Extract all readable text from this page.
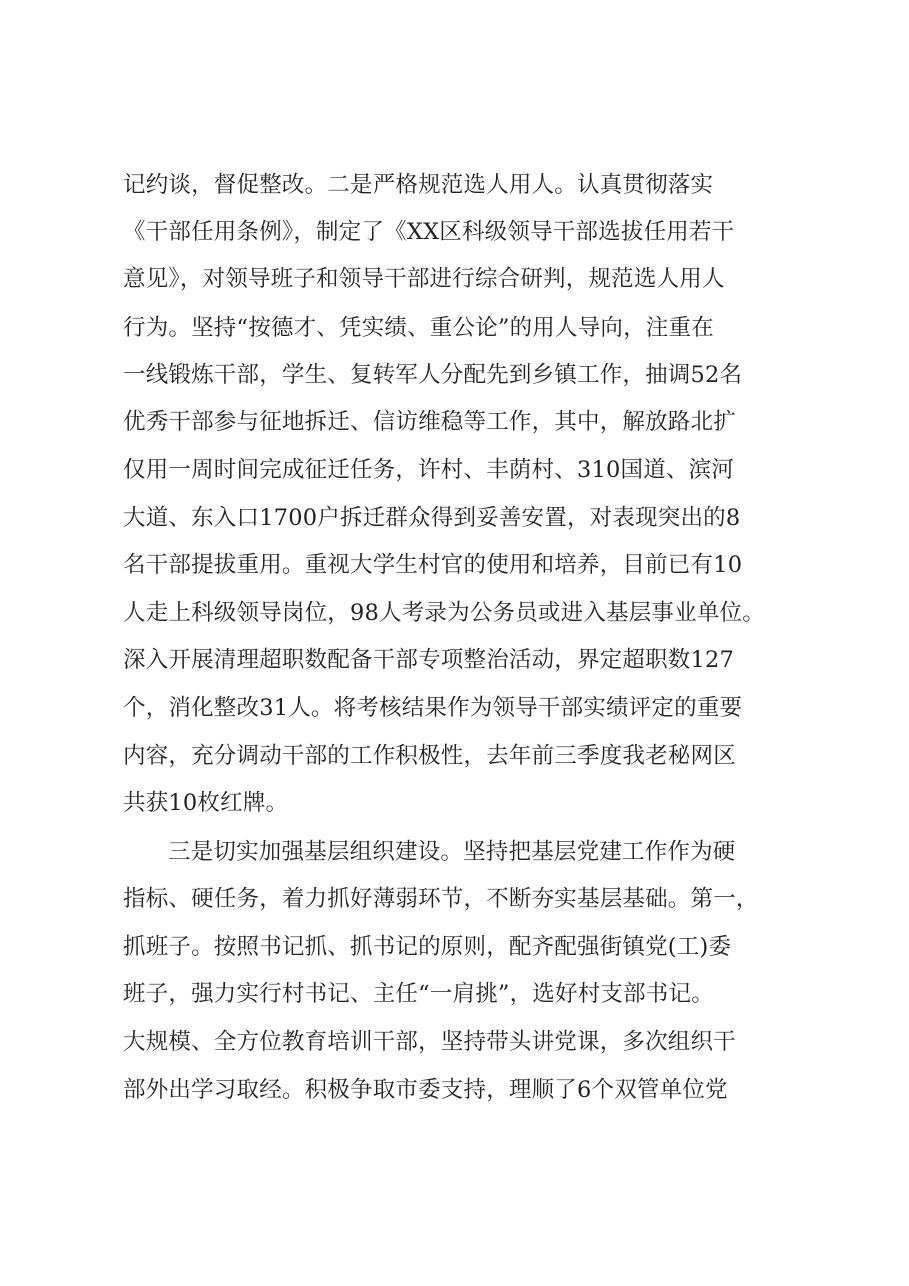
记约谈，督促整改。二是严格规范选人用人。认真贯彻落实
《干部任用条例》，制定了《XX区科级领导干部选拔任用若干
意见》，对领导班子和领导干部进行综合研判，规范选人用人
行为。坚持“按德才、凭实绩、重公论”的用人导向，注重在
一线锻炼干部，学生、复转军人分配先到乡镇工作，抽调52名
优秀干部参与征地拆迁、信访维稳等工作，其中，解放路北扩
仅用一周时间完成征迁任务，许村、丰荫村、310国道、滨河
大道、东入口1700户拆迁群众得到妥善安置，对表现突出的8
名干部提拔重用。重视大学生村官的使用和培养，目前已有10
人走上科级领导岗位，98人考录为公务员或进入基层事业单位。
深入开展清理超职数配备干部专项整治活动，界定超职数127
个，消化整改31人。将考核结果作为领导干部实绩评定的重要
内容，充分调动干部的工作积极性，去年前三季度我老秘网区
共获10枚红牌。
三是切实加强基层组织建设。坚持把基层党建工作作为硬
指标、硬任务，着力抓好薄弱环节，不断夯实基层基础。第一，
抓班子。按照书记抓、抓书记的原则，配齐配强街镇党(工)委
班子，强力实行村书记、主任“一肩挑”，选好村支部书记。
大规模、全方位教育培训干部，坚持带头讲党课，多次组织干
部外出学习取经。积极争取市委支持，理顺了6个双管单位党
